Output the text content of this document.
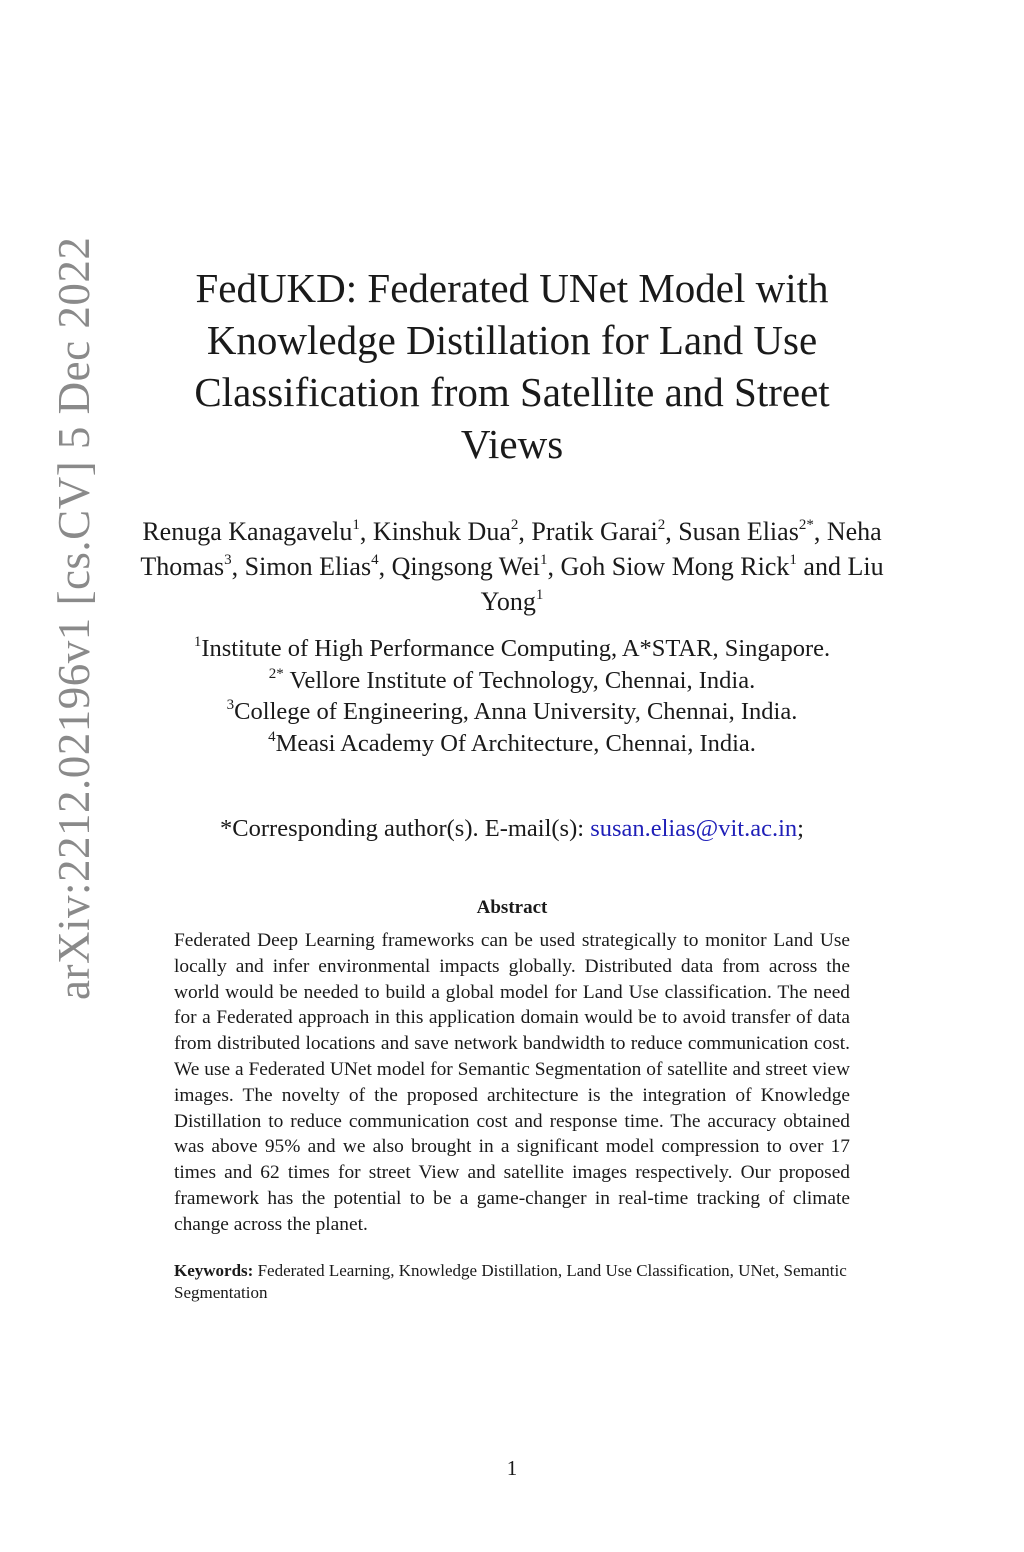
arXiv:2212.02196v1 [cs.CV] 5 Dec 2022	FedUKD: Federated UNet Model with
Knowledge Distillation for Land Use
Classification from Satellite and Street Views
Renuga Kanagavelu$^1$, Kinshuk Dua$^2$, Pratik Garai$^2$, Susan Elias$^{2*}$, Neha Thomas$^3$, Simon Elias$^4$, Qingsong Wei$^1$, Goh Siow Mong Rick$^1$ and Liu Yong$^1$
$^1$Institute of High Performance Computing, A*STAR, Singapore.
$^{2*}$ Vellore Institute of Technology, Chennai, India.
$^3$College of Engineering, Anna University, Chennai, India.
$^4$Measi Academy Of Architecture, Chennai, India.
*Corresponding author(s). E-mail(s): susan.elias@vit.ac.in;
Abstract

Federated Deep Learning frameworks can be used strategically to monitor Land Use locally and infer environmental impacts globally. Distributed data from across the world would be needed to build a global model for Land Use classification. The need for a Federated approach in this application domain would be to avoid transfer of data from distributed locations and save network bandwidth to reduce communication cost. We use a Federated UNet model for Semantic Segmentation of satellite and street view images. The novelty of the proposed architecture is the integration of Knowledge Distillation to reduce communication cost and response time. The accuracy obtained was above 95% and we also brought in a significant model compression to over 17 times and 62 times for street View and satellite images respectively. Our proposed framework has the potential to be a game-changer in real-time tracking of climate change across the planet.

Keywords: Federated Learning, Knowledge Distillation, Land Use Classification, UNet, Semantic Segmentation
1
